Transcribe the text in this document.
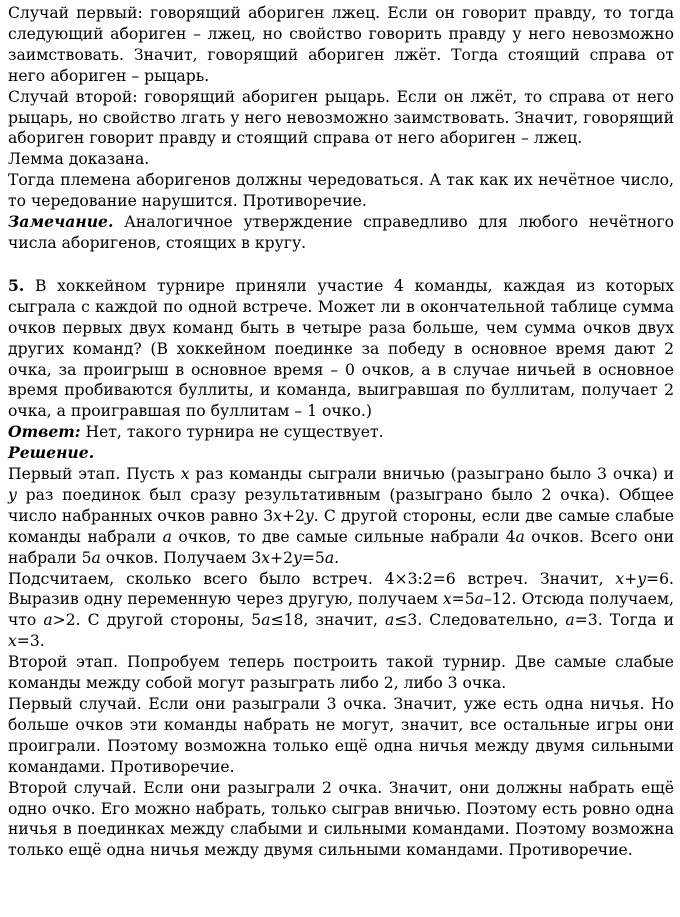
Случай первый: говорящий абориген лжец. Если он говорит правду, то тогда следующий абориген – лжец, но свойство говорить правду у него невозможно заимствовать. Значит, говорящий абориген лжёт. Тогда стоящий справа от него абориген – рыцарь.

Случай второй: говорящий абориген рыцарь. Если он лжёт, то справа от него рыцарь, но свойство лгать у него невозможно заимствовать. Значит, говорящий абориген говорит правду и стоящий справа от него абориген – лжец.

Лемма доказана.

Тогда племена аборигенов должны чередоваться. А так как их нечётное число, то чередование нарушится. Противоречие.

Замечание. Аналогичное утверждение справедливо для любого нечётного числа аборигенов, стоящих в кругу.

5. В хоккейном турнире приняли участие 4 команды, каждая из которых сыграла с каждой по одной встрече. Может ли в окончательной таблице сумма очков первых двух команд быть в четыре раза больше, чем сумма очков двух других команд? (В хоккейном поединке за победу в основное время дают 2 очка, за проигрыш в основное время – 0 очков, а в случае ничьей в основное время пробиваются буллиты, и команда, выигравшая по буллитам, получает 2 очка, а проигравшая по буллитам – 1 очко.)

Ответ: Нет, такого турнира не существует.

Решение.

Первый этап. Пусть x раз команды сыграли вничью (разыграно было 3 очка) и y раз поединок был сразу результативным (разыграно было 2 очка). Общее число набранных очков равно 3x+2y. С другой стороны, если две самые слабые команды набрали a очков, то две самые сильные набрали 4a очков. Всего они набрали 5a очков. Получаем 3x+2y=5a.

Подсчитаем, сколько всего было встреч. 4×3:2=6 встреч. Значит, x+y=6. Выразив одну переменную через другую, получаем x=5a–12. Отсюда получаем, что a>2. С другой стороны, 5a≤18, значит, a≤3. Следовательно, a=3. Тогда и x=3.

Второй этап. Попробуем теперь построить такой турнир. Две самые слабые команды между собой могут разыграть либо 2, либо 3 очка.

Первый случай. Если они разыграли 3 очка. Значит, уже есть одна ничья. Но больше очков эти команды набрать не могут, значит, все остальные игры они проиграли. Поэтому возможна только ещё одна ничья между двумя сильными командами. Противоречие.

Второй случай. Если они разыграли 2 очка. Значит, они должны набрать ещё одно очко. Его можно набрать, только сыграв вничью. Поэтому есть ровно одна ничья в поединках между слабыми и сильными командами. Поэтому возможна только ещё одна ничья между двумя сильными командами. Противоречие.
